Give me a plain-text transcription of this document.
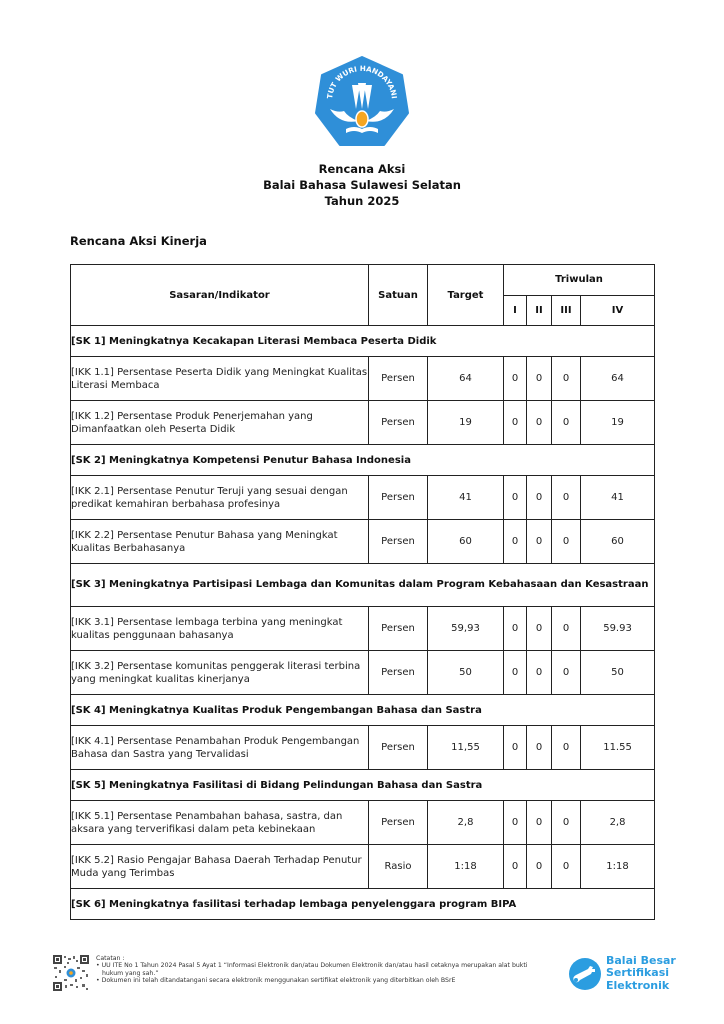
TUT WURI HANDAYANI
Rencana Aksi
Balai Bahasa Sulawesi Selatan
Tahun 2025
Rencana Aksi Kinerja
Sasaran/Indikator	Satuan	Target	Triwulan			
			I	II	III	IV
[SK 1] Meningkatnya Kecakapan Literasi Membaca Peserta Didik						
[IKK 1.1] Persentase Peserta Didik yang Meningkat Kualitas Literasi Membaca	Persen	64	0	0	0	64
[IKK 1.2] Persentase Produk Penerjemahan yang Dimanfaatkan oleh Peserta Didik	Persen	19	0	0	0	19
[SK 2] Meningkatnya Kompetensi Penutur Bahasa Indonesia						
[IKK 2.1] Persentase Penutur Teruji yang sesuai dengan predikat kemahiran berbahasa profesinya	Persen	41	0	0	0	41
[IKK 2.2] Persentase Penutur Bahasa yang Meningkat Kualitas Berbahasanya	Persen	60	0	0	0	60
[SK 3] Meningkatnya Partisipasi Lembaga dan Komunitas dalam Program Kebahasaan dan Kesastraan						
[IKK 3.1] Persentase lembaga terbina yang meningkat kualitas penggunaan bahasanya	Persen	59,93	0	0	0	59.93
[IKK 3.2] Persentase komunitas penggerak literasi terbina yang meningkat kualitas kinerjanya	Persen	50	0	0	0	50
[SK 4] Meningkatnya Kualitas Produk Pengembangan Bahasa dan Sastra						
[IKK 4.1] Persentase Penambahan Produk Pengembangan Bahasa dan Sastra yang Tervalidasi	Persen	11,55	0	0	0	11.55
[SK 5] Meningkatnya Fasilitasi di Bidang Pelindungan Bahasa dan Sastra						
[IKK 5.1] Persentase Penambahan bahasa, sastra, dan aksara yang terverifikasi dalam peta kebinekaan	Persen	2,8	0	0	0	2,8
[IKK 5.2] Rasio Pengajar Bahasa Daerah Terhadap Penutur Muda yang Terimbas	Rasio	1:18	0	0	0	1:18
[SK 6] Meningkatnya fasilitasi terhadap lembaga penyelenggara program BIPA						
Catatan :
• UU ITE No 1 Tahun 2024 Pasal 5 Ayat 1 “Informasi Elektronik dan/atau Dokumen Elektronik dan/atau hasil cetaknya merupakan alat bukti
hukum yang sah.”
• Dokumen ini telah ditandatangani secara elektronik menggunakan sertifikat elektronik yang diterbitkan oleh BSrE
Balai Besar
Sertifikasi
Elektronik
